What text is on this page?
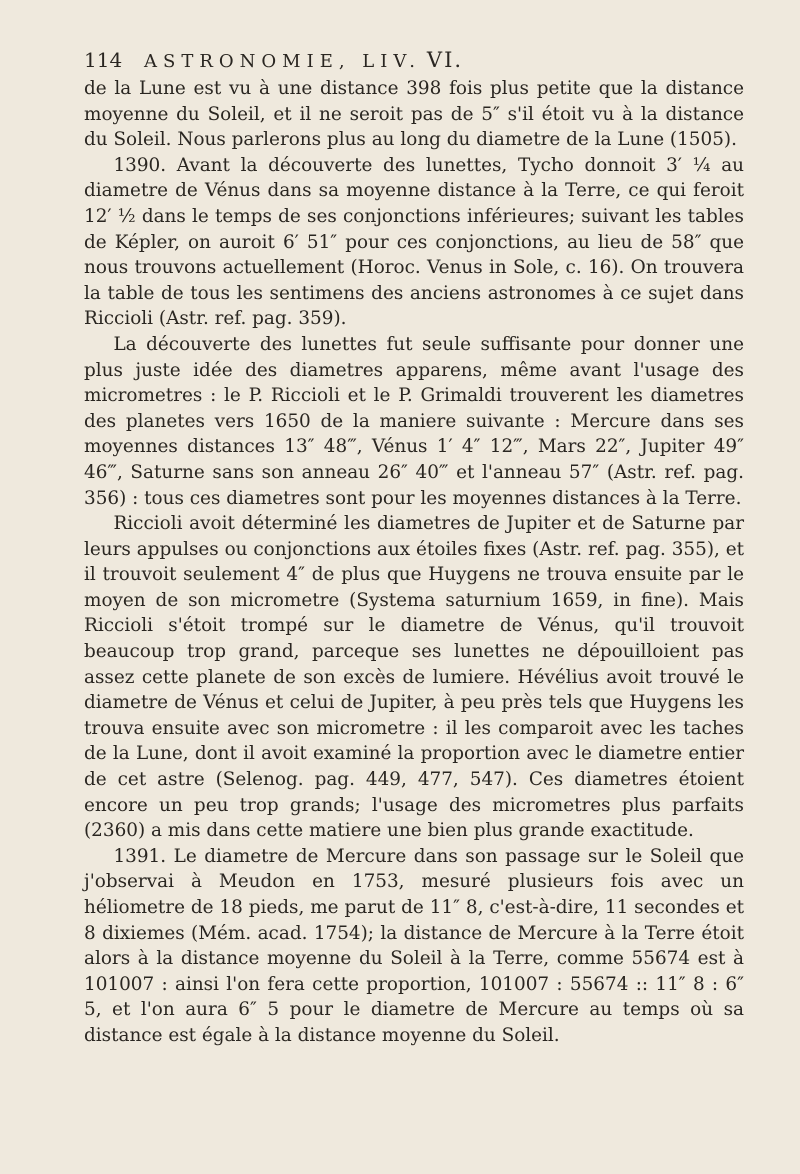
114	ASTRONOMIE, LIV. VI.

de la Lune est vu à une distance 398 fois plus petite que la distance moyenne du Soleil, et il ne seroit pas de 5″ s'il étoit vu à la distance du Soleil. Nous parlerons plus au long du diametre de la Lune (1505).

1390. Avant la découverte des lunettes, Tycho donnoit 3′ ¼ au diametre de Vénus dans sa moyenne distance à la Terre, ce qui feroit 12′ ½ dans le temps de ses conjonctions inférieures; suivant les tables de Képler, on auroit 6′ 51″ pour ces conjonctions, au lieu de 58″ que nous trouvons actuellement (Horoc. Venus in Sole, c. 16). On trouvera la table de tous les sentimens des anciens astronomes à ce sujet dans Riccioli (Astr. ref. pag. 359).

La découverte des lunettes fut seule suffisante pour donner une plus juste idée des diametres apparens, même avant l'usage des micrometres : le P. Riccioli et le P. Grimaldi trouverent les diametres des planetes vers 1650 de la maniere suivante : Mercure dans ses moyennes distances 13″ 48‴, Vénus 1′ 4″ 12‴, Mars 22″, Jupiter 49″ 46‴, Saturne sans son anneau 26″ 40‴ et l'anneau 57″ (Astr. ref. pag. 356) : tous ces diametres sont pour les moyennes distances à la Terre.

Riccioli avoit déterminé les diametres de Jupiter et de Saturne par leurs appulses ou conjonctions aux étoiles fixes (Astr. ref. pag. 355), et il trouvoit seulement 4″ de plus que Huygens ne trouva ensuite par le moyen de son micrometre (Systema saturnium 1659, in fine). Mais Riccioli s'étoit trompé sur le diametre de Vénus, qu'il trouvoit beaucoup trop grand, parceque ses lunettes ne dépouilloient pas assez cette planete de son excès de lumiere. Hévélius avoit trouvé le diametre de Vénus et celui de Jupiter, à peu près tels que Huygens les trouva ensuite avec son micrometre : il les comparoit avec les taches de la Lune, dont il avoit examiné la proportion avec le diametre entier de cet astre (Selenog. pag. 449, 477, 547). Ces diametres étoient encore un peu trop grands; l'usage des micrometres plus parfaits (2360) a mis dans cette matiere une bien plus grande exactitude.

1391. Le diametre de Mercure dans son passage sur le Soleil que j'observai à Meudon en 1753, mesuré plusieurs fois avec un héliometre de 18 pieds, me parut de 11″ 8, c'est-à-dire, 11 secondes et 8 dixiemes (Mém. acad. 1754); la distance de Mercure à la Terre étoit alors à la distance moyenne du Soleil à la Terre, comme 55674 est à 101007 : ainsi l'on fera cette proportion, 101007 : 55674 :: 11″ 8 : 6″ 5, et l'on aura 6″ 5 pour le diametre de Mercure au temps où sa distance est égale à la distance moyenne du Soleil.
